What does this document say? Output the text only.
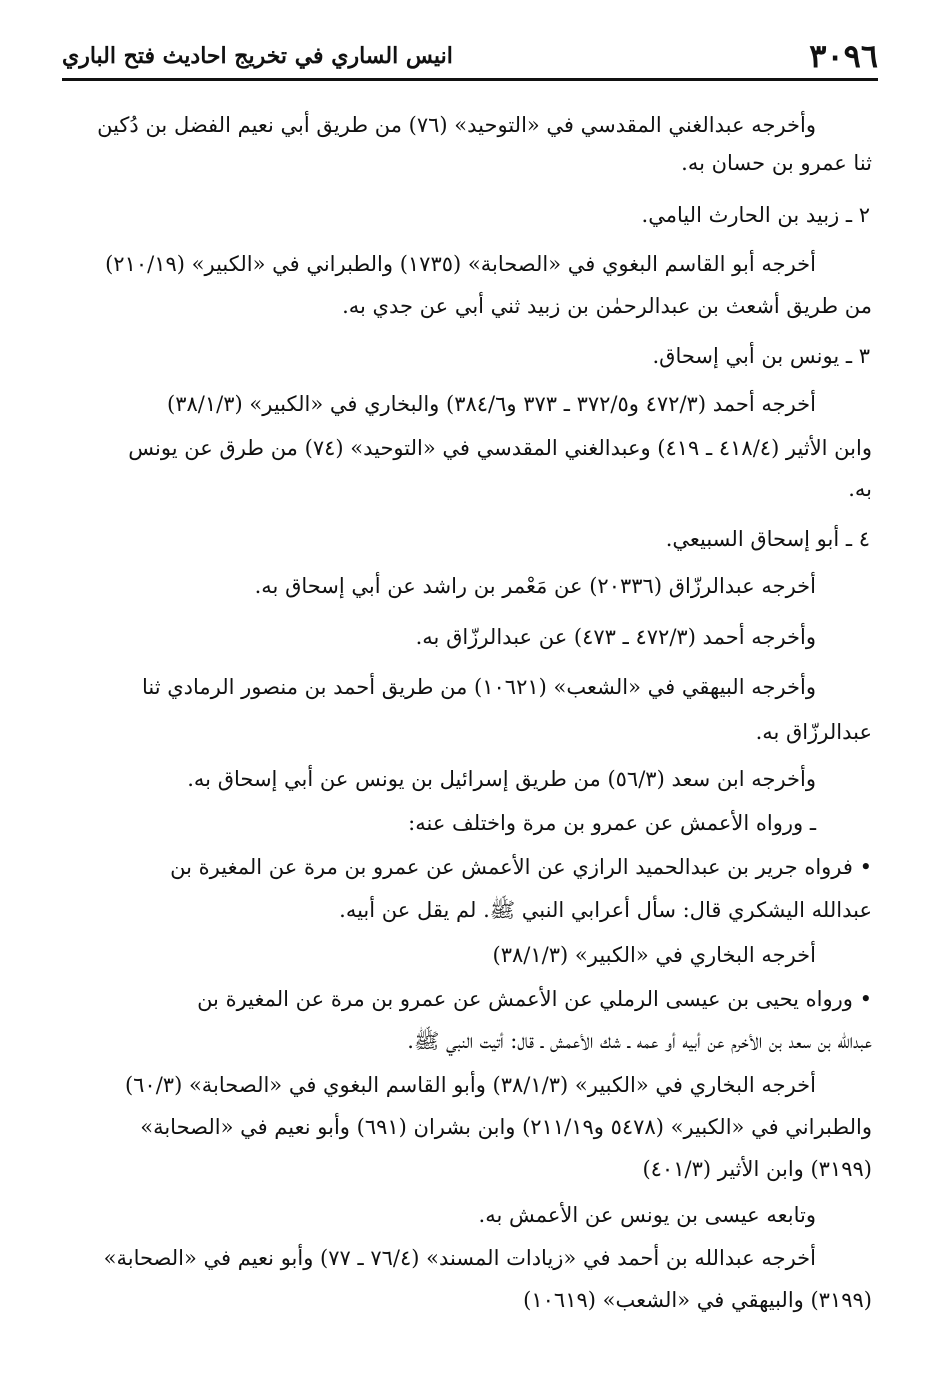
٣٠٩٦
انيس الساري في تخريج احاديث فتح الباري
وأخرجه عبدالغني المقدسي في «التوحيد» (٧٦) من طريق أبي نعيم الفضل بن دُكين
ثنا عمرو بن حسان به.
٢ ـ زبيد بن الحارث اليامي.
أخرجه أبو القاسم البغوي في «الصحابة» (١٧٣٥) والطبراني في «الكبير» (٢١٠/١٩)
من طريق أشعث بن عبدالرحمٰن بن زبيد ثني أبي عن جدي به.
٣ ـ يونس بن أبي إسحاق.
أخرجه أحمد (٤٧٢/٣ و٣٧٢/٥ ـ ٣٧٣ و٣٨٤/٦) والبخاري في «الكبير» (٣٨/١/٣)
وابن الأثير (٤١٨/٤ ـ ٤١٩) وعبدالغني المقدسي في «التوحيد» (٧٤) من طرق عن يونس
به.
٤ ـ أبو إسحاق السبيعي.
أخرجه عبدالرزّاق (٢٠٣٣٦) عن مَعْمر بن راشد عن أبي إسحاق به.
وأخرجه أحمد (٤٧٢/٣ ـ ٤٧٣) عن عبدالرزّاق به.
وأخرجه البيهقي في «الشعب» (١٠٦٢١) من طريق أحمد بن منصور الرمادي ثنا
عبدالرزّاق به.
وأخرجه ابن سعد (٥٦/٣) من طريق إسرائيل بن يونس عن أبي إسحاق به.
ـ ورواه الأعمش عن عمرو بن مرة واختلف عنه:
• فرواه جرير بن عبدالحميد الرازي عن الأعمش عن عمرو بن مرة عن المغيرة بن
عبدالله اليشكري قال: سأل أعرابي النبي ﷺ. لم يقل عن أبيه.
أخرجه البخاري في «الكبير» (٣٨/١/٣)
• ورواه يحيى بن عيسى الرملي عن الأعمش عن عمرو بن مرة عن المغيرة بن
عبدالله بن سعد بن الأخرم عن أبيه أو عمه ـ شك الأعمش ـ قال: أتيت النبي ﷺ.
أخرجه البخاري في «الكبير» (٣٨/١/٣) وأبو القاسم البغوي في «الصحابة» (٦٠/٣)
والطبراني في «الكبير» (٥٤٧٨ و٢١١/١٩) وابن بشران (٦٩١) وأبو نعيم في «الصحابة»
(٣١٩٩) وابن الأثير (٤٠١/٣)
وتابعه عيسى بن يونس عن الأعمش به.
أخرجه عبدالله بن أحمد في «زيادات المسند» (٧٦/٤ ـ ٧٧) وأبو نعيم في «الصحابة»
(٣١٩٩) والبيهقي في «الشعب» (١٠٦١٩)
